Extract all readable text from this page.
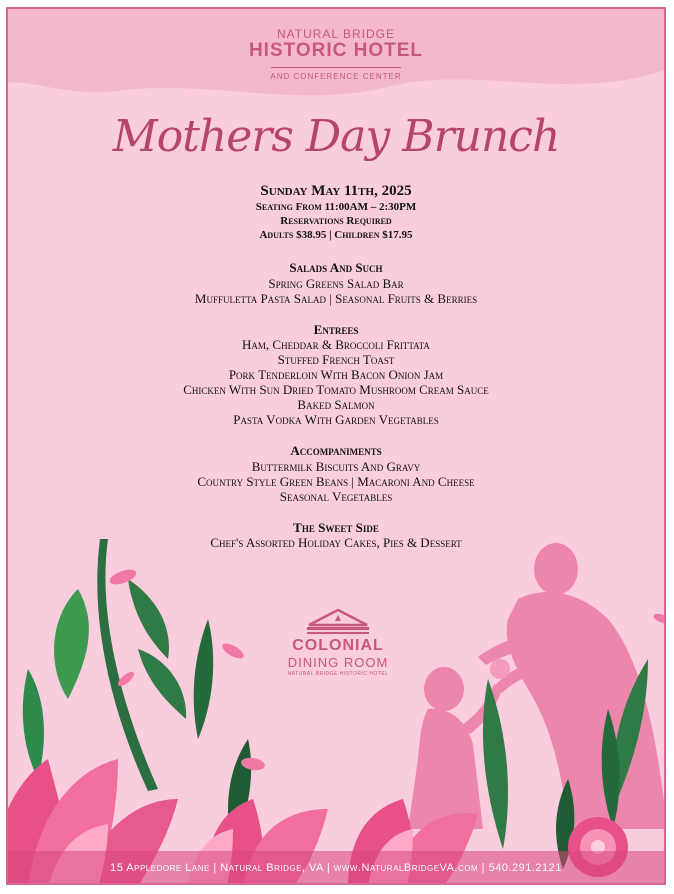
NATURAL BRIDGE
HISTORIC HOTEL
AND CONFERENCE CENTER
Mothers Day Brunch
Sunday May 11th, 2025
Seating From 11:00AM – 2:30PM
Reservations Required
Adults $38.95 | Children $17.95
Salads And Such
Spring Greens Salad Bar
Muffuletta Pasta Salad | Seasonal Fruits & Berries
Entrees
Ham, Cheddar & Broccoli Frittata
Stuffed French Toast
Pork Tenderloin With Bacon Onion Jam
Chicken With Sun Dried Tomato Mushroom Cream Sauce
Baked Salmon
Pasta Vodka With Garden Vegetables
Accompaniments
Buttermilk Biscuits And Gravy
Country Style Green Beans | Macaroni And Cheese
Seasonal Vegetables
The Sweet Side
Chef's Assorted Holiday Cakes, Pies & Dessert
COLONIAL
DINING ROOM
NATURAL BRIDGE HISTORIC HOTEL
15 Appledore Lane | Natural Bridge, VA | www.NaturalBridgeVA.com | 540.291.2121
